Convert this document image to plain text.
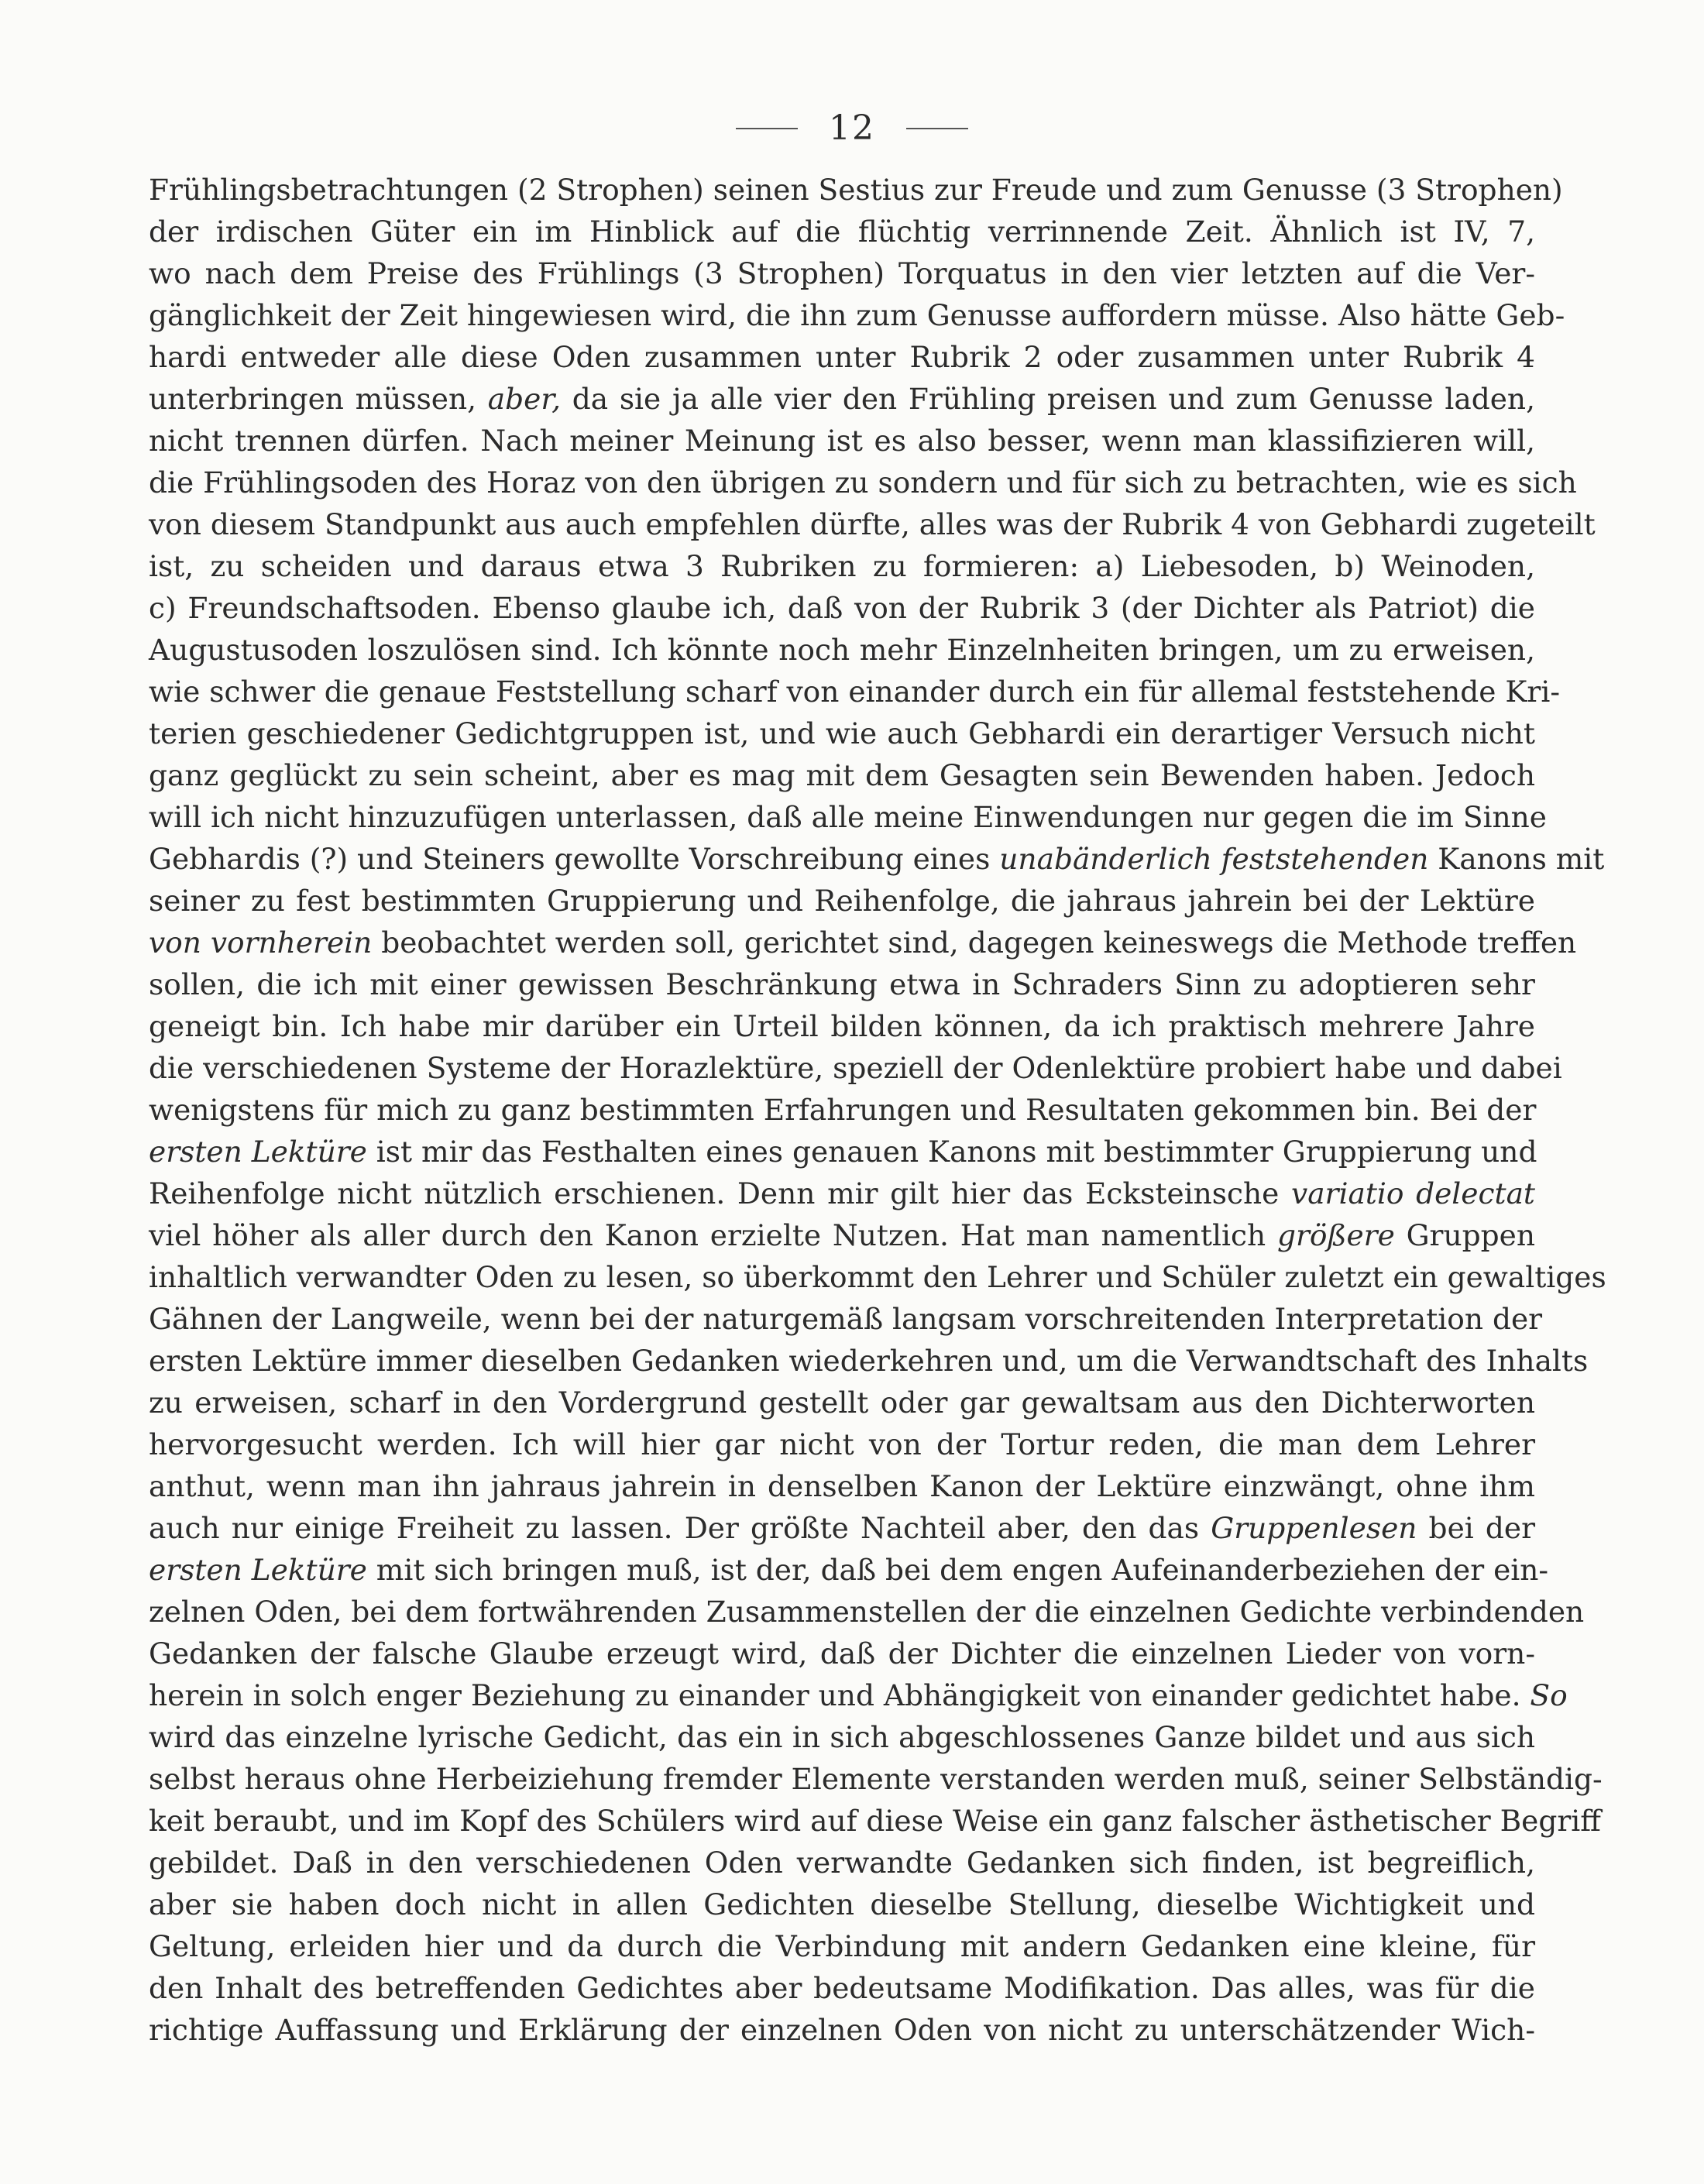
12
Frühlingsbetrachtungen (2 Strophen) seinen Sestius zur Freude und zum Genusse (3 Strophen)
der irdischen Güter ein im Hinblick auf die flüchtig verrinnende Zeit. Ähnlich ist IV, 7,
wo nach dem Preise des Frühlings (3 Strophen) Torquatus in den vier letzten auf die Ver-
gänglichkeit der Zeit hingewiesen wird, die ihn zum Genusse auffordern müsse. Also hätte Geb-
hardi entweder alle diese Oden zusammen unter Rubrik 2 oder zusammen unter Rubrik 4
unterbringen müssen, aber, da sie ja alle vier den Frühling preisen und zum Genusse laden,
nicht trennen dürfen. Nach meiner Meinung ist es also besser, wenn man klassifizieren will,
die Frühlingsoden des Horaz von den übrigen zu sondern und für sich zu betrachten, wie es sich
von diesem Standpunkt aus auch empfehlen dürfte, alles was der Rubrik 4 von Gebhardi zugeteilt
ist, zu scheiden und daraus etwa 3 Rubriken zu formieren: a) Liebesoden, b) Weinoden,
c) Freundschaftsoden. Ebenso glaube ich, daß von der Rubrik 3 (der Dichter als Patriot) die
Augustusoden loszulösen sind. Ich könnte noch mehr Einzelnheiten bringen, um zu erweisen,
wie schwer die genaue Feststellung scharf von einander durch ein für allemal feststehende Kri-
terien geschiedener Gedichtgruppen ist, und wie auch Gebhardi ein derartiger Versuch nicht
ganz geglückt zu sein scheint, aber es mag mit dem Gesagten sein Bewenden haben. Jedoch
will ich nicht hinzuzufügen unterlassen, daß alle meine Einwendungen nur gegen die im Sinne
Gebhardis (?) und Steiners gewollte Vorschreibung eines unabänderlich feststehenden Kanons mit
seiner zu fest bestimmten Gruppierung und Reihenfolge, die jahraus jahrein bei der Lektüre
von vornherein beobachtet werden soll, gerichtet sind, dagegen keineswegs die Methode treffen
sollen, die ich mit einer gewissen Beschränkung etwa in Schraders Sinn zu adoptieren sehr
geneigt bin. Ich habe mir darüber ein Urteil bilden können, da ich praktisch mehrere Jahre
die verschiedenen Systeme der Horazlektüre, speziell der Odenlektüre probiert habe und dabei
wenigstens für mich zu ganz bestimmten Erfahrungen und Resultaten gekommen bin. Bei der
ersten Lektüre ist mir das Festhalten eines genauen Kanons mit bestimmter Gruppierung und
Reihenfolge nicht nützlich erschienen. Denn mir gilt hier das Ecksteinsche variatio delectat
viel höher als aller durch den Kanon erzielte Nutzen. Hat man namentlich größere Gruppen
inhaltlich verwandter Oden zu lesen, so überkommt den Lehrer und Schüler zuletzt ein gewaltiges
Gähnen der Langweile, wenn bei der naturgemäß langsam vorschreitenden Interpretation der
ersten Lektüre immer dieselben Gedanken wiederkehren und, um die Verwandtschaft des Inhalts
zu erweisen, scharf in den Vordergrund gestellt oder gar gewaltsam aus den Dichterworten
hervorgesucht werden. Ich will hier gar nicht von der Tortur reden, die man dem Lehrer
anthut, wenn man ihn jahraus jahrein in denselben Kanon der Lektüre einzwängt, ohne ihm
auch nur einige Freiheit zu lassen. Der größte Nachteil aber, den das Gruppenlesen bei der
ersten Lektüre mit sich bringen muß, ist der, daß bei dem engen Aufeinanderbeziehen der ein-
zelnen Oden, bei dem fortwährenden Zusammenstellen der die einzelnen Gedichte verbindenden
Gedanken der falsche Glaube erzeugt wird, daß der Dichter die einzelnen Lieder von vorn-
herein in solch enger Beziehung zu einander und Abhängigkeit von einander gedichtet habe. So
wird das einzelne lyrische Gedicht, das ein in sich abgeschlossenes Ganze bildet und aus sich
selbst heraus ohne Herbeiziehung fremder Elemente verstanden werden muß, seiner Selbständig-
keit beraubt, und im Kopf des Schülers wird auf diese Weise ein ganz falscher ästhetischer Begriff
gebildet. Daß in den verschiedenen Oden verwandte Gedanken sich finden, ist begreiflich,
aber sie haben doch nicht in allen Gedichten dieselbe Stellung, dieselbe Wichtigkeit und
Geltung, erleiden hier und da durch die Verbindung mit andern Gedanken eine kleine, für
den Inhalt des betreffenden Gedichtes aber bedeutsame Modifikation. Das alles, was für die
richtige Auffassung und Erklärung der einzelnen Oden von nicht zu unterschätzender Wich-
